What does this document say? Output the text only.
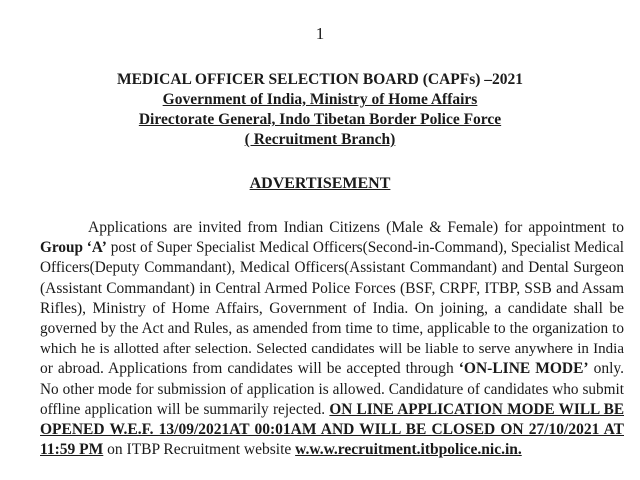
1
MEDICAL OFFICER SELECTION BOARD (CAPFs) –2021
Government of India, Ministry of Home Affairs
Directorate General, Indo Tibetan Border Police Force
( Recruitment Branch)
ADVERTISEMENT
Applications are invited from Indian Citizens (Male & Female) for appointment to
Group ‘A’ post of Super Specialist Medical Officers(Second-in-Command), Specialist Medical
Officers(Deputy Commandant), Medical Officers(Assistant Commandant) and Dental Surgeon
(Assistant Commandant) in Central Armed Police Forces (BSF, CRPF, ITBP, SSB and Assam
Rifles), Ministry of Home Affairs, Government of India. On joining, a candidate shall be
governed by the Act and Rules, as amended from time to time, applicable to the organization to
which he is allotted after selection. Selected candidates will be liable to serve anywhere in India
or abroad. Applications from candidates will be accepted through ‘ON-LINE MODE’ only.
No other mode for submission of application is allowed. Candidature of candidates who submit
offline application will be summarily rejected. ON LINE APPLICATION MODE WILL BE
OPENED W.E.F. 13/09/2021AT 00:01AM AND WILL BE CLOSED ON 27/10/2021 AT
11:59 PM on ITBP Recruitment website w.w.w.recruitment.itbpolice.nic.in.
